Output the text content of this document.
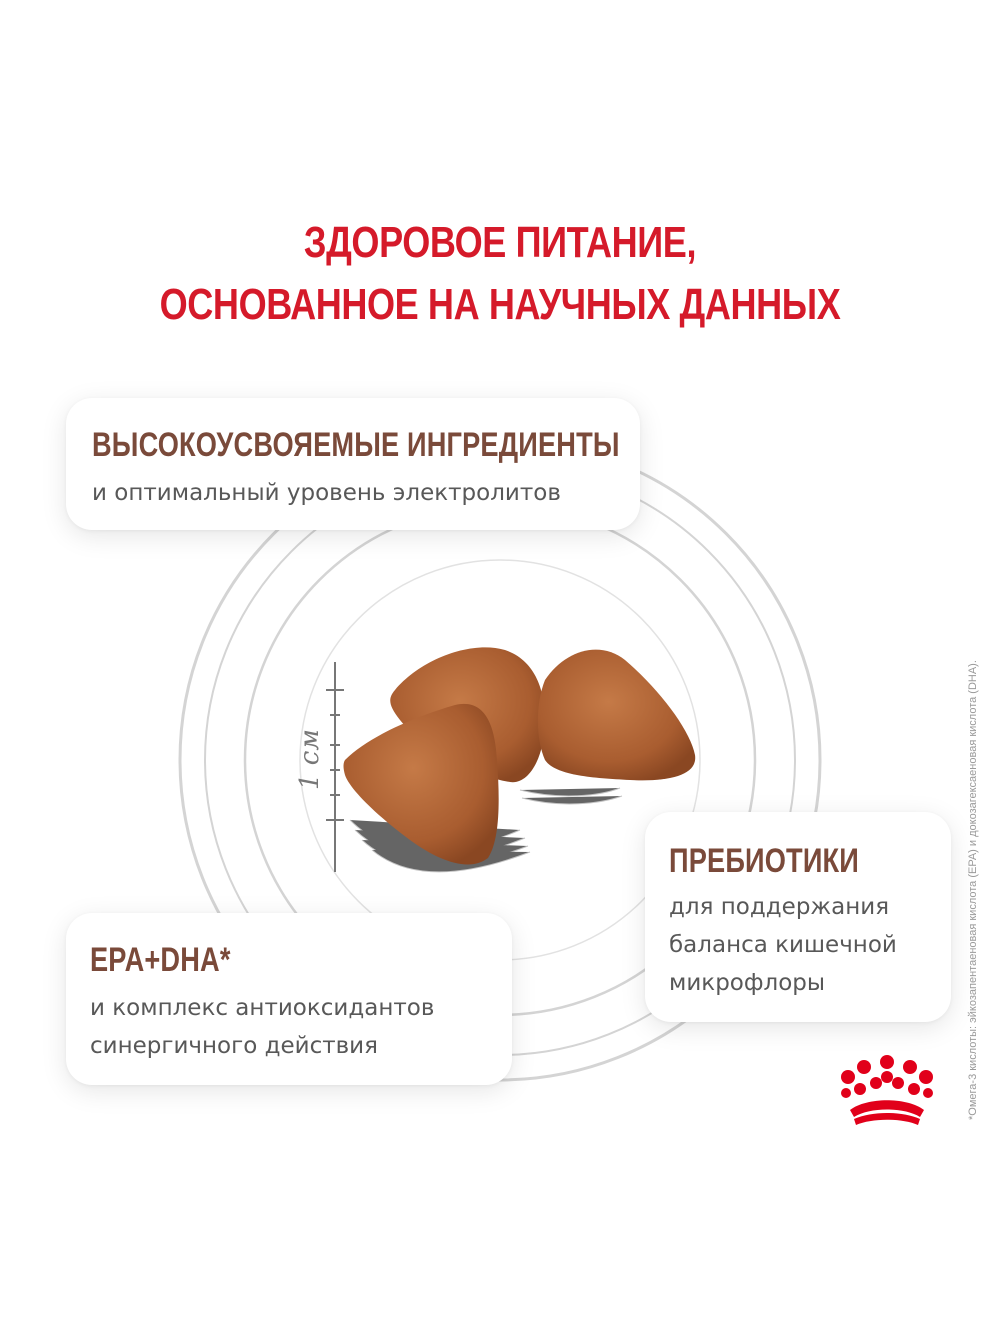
1 см
ЗДОРОВОЕ ПИТАНИЕ,
ОСНОВАННОЕ НА НАУЧНЫХ ДАННЫХ
ВЫСОКОУСВОЯЕМЫЕ ИНГРЕДИЕНТЫ
и оптимальный уровень электролитов
EPA+DHA*
и комплекс антиоксидантов
синергичного действия
ПРЕБИОТИКИ
для поддержания
баланса кишечной
микрофлоры	*Омега-3 кислоты: эйкозапентаеновая кислота (EPA) и докозагексаеновая кислота (DHA).
